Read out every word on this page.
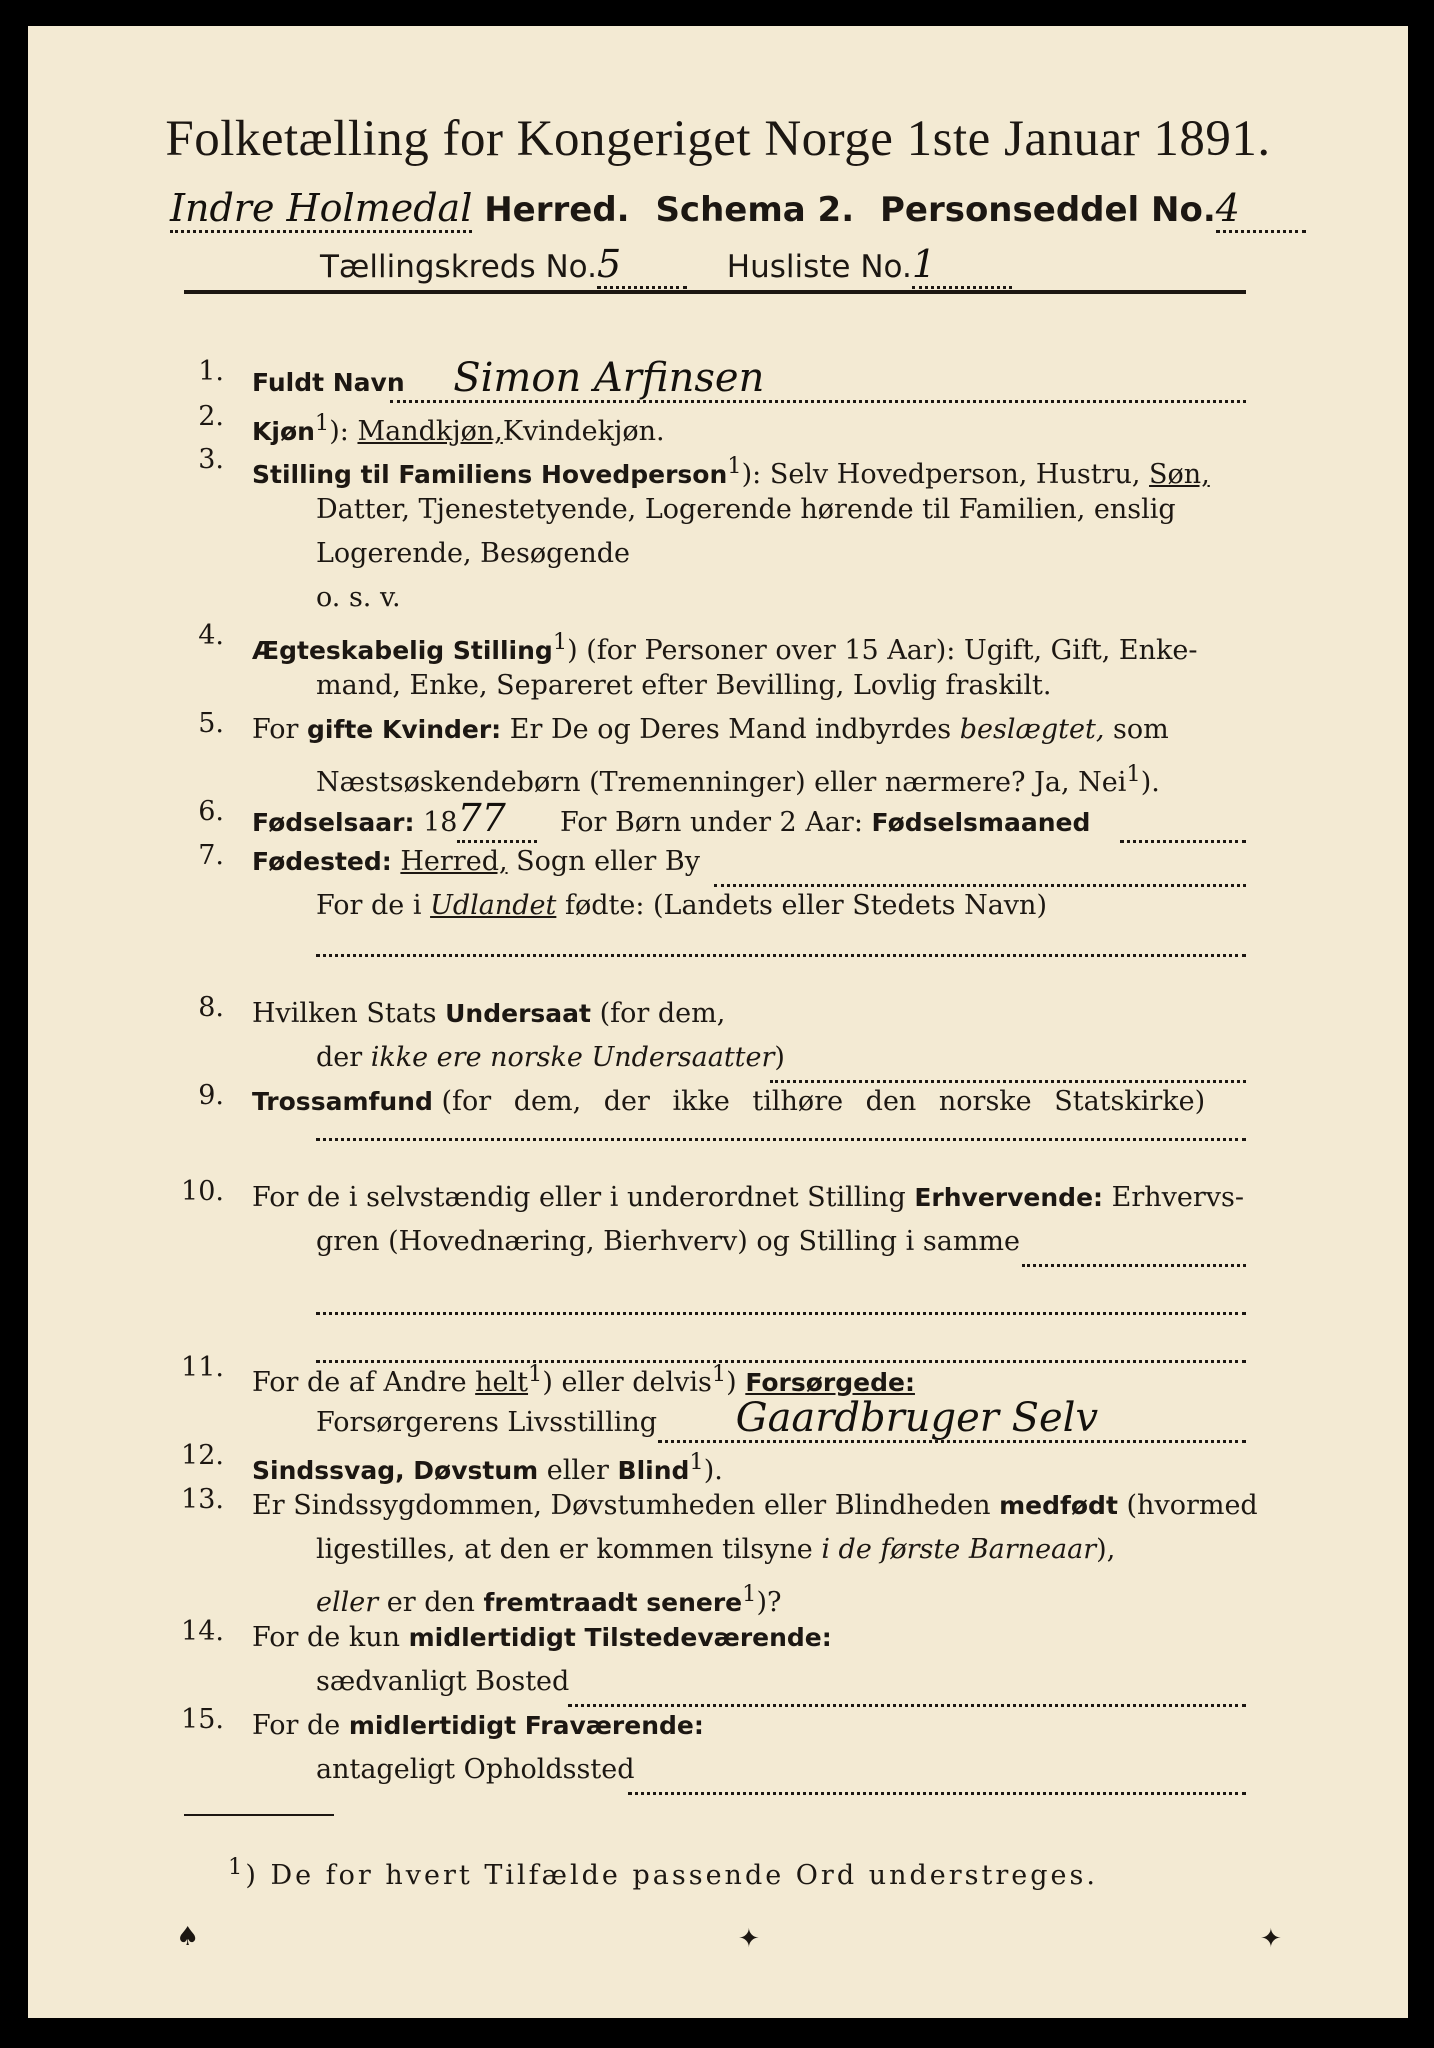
Folketælling for Kongeriget Norge 1ste Januar 1891.
Indre Holmedal Herred. Schema 2. Personseddel No.4
Tællingskreds No.5	Husliste No.1
1. Fuldt Navn Simon Arfinsen
2. Kjøn$^1$): Mandkjøn,Kvindekjøn.
3. Stilling til Familiens Hovedperson$^1$): Selv Hovedperson, Hustru, Søn,
Datter, Tjenestetyende, Logerende hørende til Familien, enslig
Logerende, Besøgende
o. s. v.
4. Ægteskabelig Stilling$^1$) (for Personer over 15 Aar): Ugift, Gift, Enke-
mand, Enke, Separeret efter Bevilling, Lovlig fraskilt.
5. For gifte Kvinder: Er De og Deres Mand indbyrdes beslægtet, som
Næstsøskendebørn (Tremenninger) eller nærmere? Ja, Nei$^1$).
6. Fødselsaar: 1877 For Børn under 2 Aar: Fødselsmaaned
7. Fødested: Herred, Sogn eller By
For de i Udlandet fødte: (Landets eller Stedets Navn)
8. Hvilken Stats Undersaat (for dem,
der ikke ere norske Undersaatter)
9. Trossamfund (for dem, der ikke tilhøre den norske Statskirke)
10. For de i selvstændig eller i underordnet Stilling Erhvervende: Erhvervs-
gren (Hovednæring, Bierhverv) og Stilling i samme
11. For de af Andre helt$^1$) eller delvis$^1$) Forsørgede:
Forsørgerens Livsstilling Gaardbruger Selv
12. Sindssvag, Døvstum eller Blind$^1$).
13. Er Sindssygdommen, Døvstumheden eller Blindheden medfødt (hvormed
ligestilles, at den er kommen tilsyne i de første Barneaar),
eller er den fremtraadt senere$^1$)?
14. For de kun midlertidigt Tilstedeværende:
sædvanligt Bosted
15. For de midlertidigt Fraværende:
antageligt Opholdssted
$^1$) De for hvert Tilfælde passende Ord understreges.
♠	✦	✦
